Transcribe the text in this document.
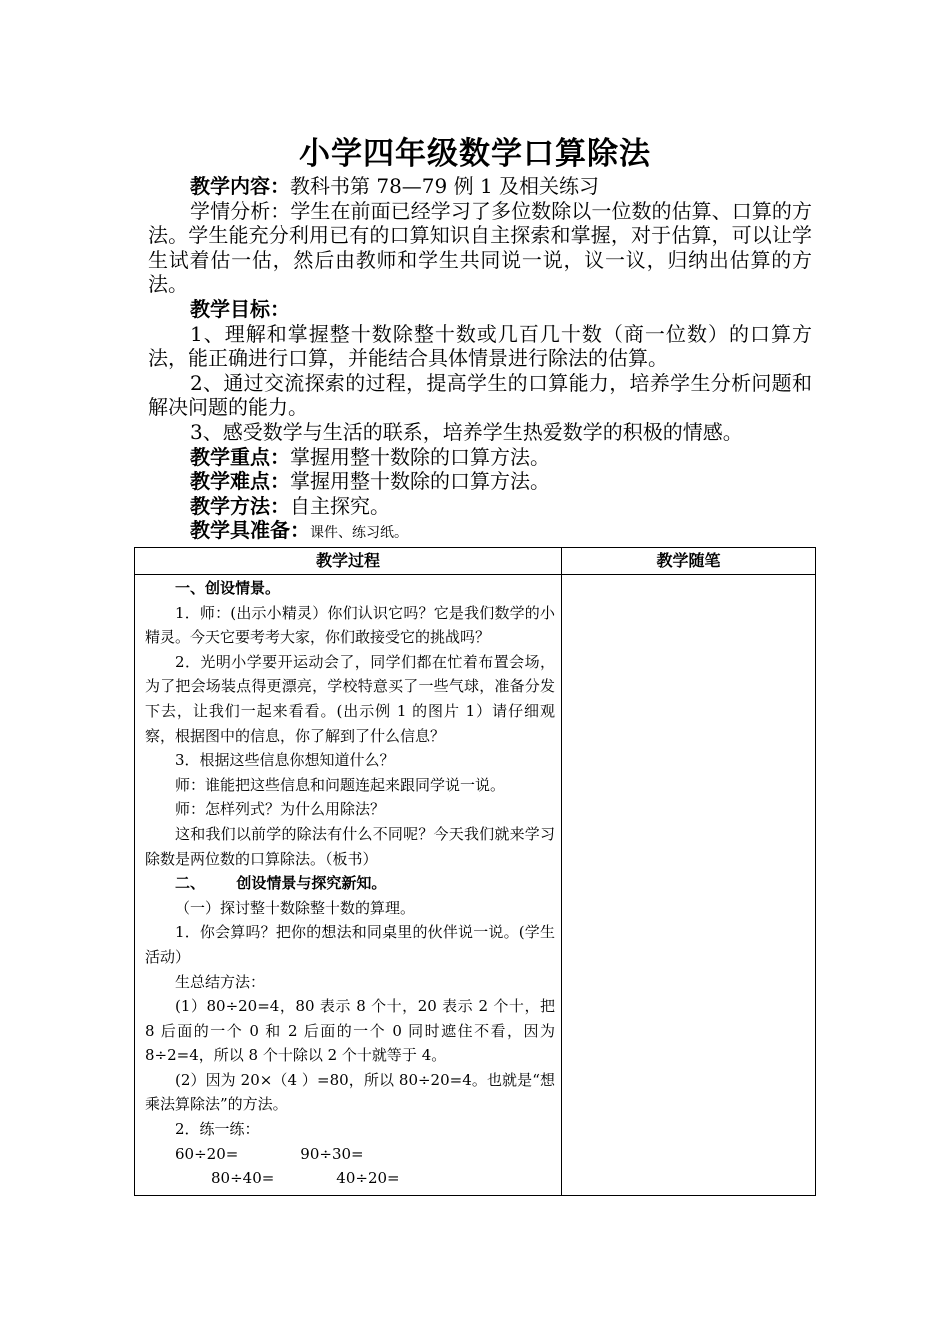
小学四年级数学口算除法

教学内容：教科书第 78—79 例 1 及相关练习

学情分析：学生在前面已经学习了多位数除以一位数的估算、口算的方法。学生能充分利用已有的口算知识自主探索和掌握，对于估算，可以让学生试着估一估，然后由教师和学生共同说一说，议一议，归纳出估算的方法。

教学目标：

1、理解和掌握整十数除整十数或几百几十数（商一位数）的口算方法，能正确进行口算，并能结合具体情景进行除法的估算。

2、通过交流探索的过程，提高学生的口算能力，培养学生分析问题和解决问题的能力。

3、感受数学与生活的联系，培养学生热爱数学的积极的情感。

教学重点：掌握用整十数除的口算方法。

教学难点：掌握用整十数除的口算方法。

教学方法：自主探究。

教学具准备：课件、练习纸。

教学过程	教学随笔

一、创设情景。

1．师：(出示小精灵）你们认识它吗？它是我们数学的小精灵。今天它要考考大家，你们敢接受它的挑战吗？

2．光明小学要开运动会了，同学们都在忙着布置会场，为了把会场装点得更漂亮，学校特意买了一些气球，准备分发下去，让我们一起来看看。(出示例 1 的图片 1）请仔细观察，根据图中的信息，你了解到了什么信息？

3．根据这些信息你想知道什么？

师：谁能把这些信息和问题连起来跟同学说一说。

师：怎样列式？为什么用除法？

这和我们以前学的除法有什么不同呢？今天我们就来学习除数是两位数的口算除法。（板书）

二、      创设情景与探究新知。

（一）探讨整十数除整十数的算理。

1．你会算吗？把你的想法和同桌里的伙伴说一说。(学生活动）

生总结方法：

(1）80÷20=4，80 表示 8 个十，20 表示 2 个十，把 8 后面的一个 0 和 2 后面的一个 0 同时遮住不看，因为 8÷2=4，所以 8 个十除以 2 个十就等于 4。

(2）因为 20×（4 ）=80，所以 80÷20=4。也就是“想乘法算除法”的方法。

2．练一练：

60÷20=             90÷30=

80÷40=             40÷20=
